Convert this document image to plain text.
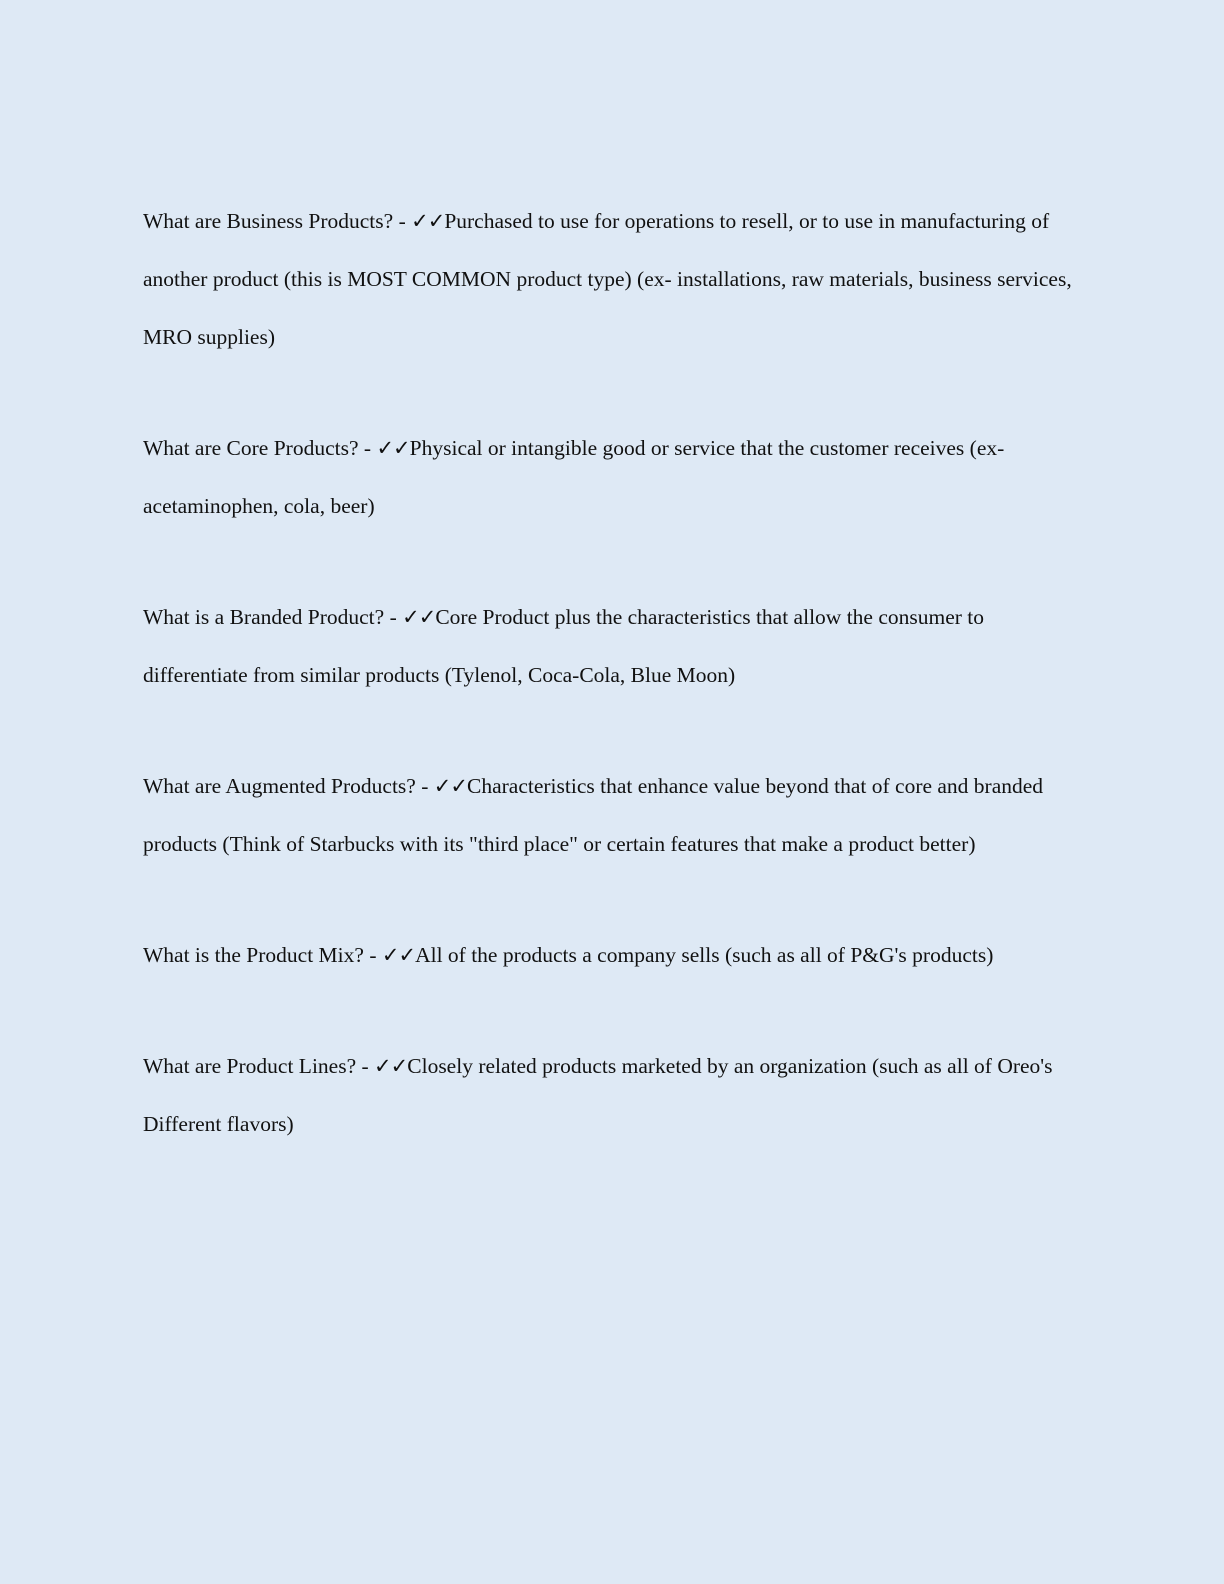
What are Business Products? - ✓✓Purchased to use for operations to resell, or to use in manufacturing of another product (this is MOST COMMON product type) (ex- installations, raw materials, business services, MRO supplies)

What are Core Products? - ✓✓Physical or intangible good or service that the customer receives (ex- acetaminophen, cola, beer)

What is a Branded Product? - ✓✓Core Product plus the characteristics that allow the consumer to differentiate from similar products (Tylenol, Coca-Cola, Blue Moon)

What are Augmented Products? - ✓✓Characteristics that enhance value beyond that of core and branded products (Think of Starbucks with its "third place" or certain features that make a product better)

What is the Product Mix? - ✓✓All of the products a company sells (such as all of P&G's products)

What are Product Lines? - ✓✓Closely related products marketed by an organization (such as all of Oreo's Different flavors)
